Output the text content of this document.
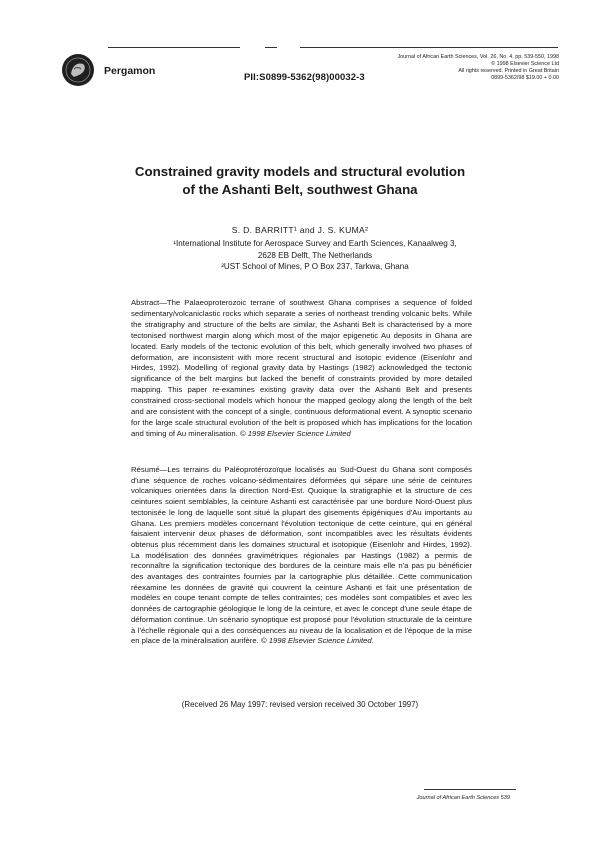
Pergamon
PII:S0899-5362(98)00032-3
Journal of African Earth Sciences, Vol. 26, No. 4, pp. 539-550, 1998
© 1998 Elsevier Science Ltd
All rights reserved. Printed in Great Britain
0899-5362/98 $19.00 + 0.00
Constrained gravity models and structural evolution
of the Ashanti Belt, southwest Ghana
S. D. BARRITT¹ and J. S. KUMA²
¹International Institute for Aerospace Survey and Earth Sciences, Kanaalweg 3,
2628 EB Delft, The Netherlands
²UST School of Mines, P O Box 237, Tarkwa, Ghana

Abstract—The Palaeoproterozoic terrane of southwest Ghana comprises a sequence of folded sedimentary/volcaniclastic rocks which separate a series of northeast trending volcanic belts. While the stratigraphy and structure of the belts are similar, the Ashanti Belt is characterised by a more tectonised northwest margin along which most of the major epigenetic Au deposits in Ghana are located. Early models of the tectonic evolution of this belt, which generally involved two phases of deformation, are inconsistent with more recent structural and isotopic evidence (Eisenlohr and Hirdes, 1992). Modelling of regional gravity data by Hastings (1982) acknowledged the tectonic significance of the belt margins but lacked the benefit of constraints provided by more detailed mapping. This paper re-examines existing gravity data over the Ashanti Belt and presents constrained cross-sectional models which honour the mapped geology along the length of the belt and are consistent with the concept of a single, continuous deformational event. A synoptic scenario for the large scale structural evolution of the belt is proposed which has implications for the location and timing of Au mineralisation. © 1998 Elsevier Science Limited

Résumé—Les terrains du Paléoprotérozoïque localisés au Sud-Ouest du Ghana sont composés d'une séquence de roches volcano-sédimentaires déformées qui sépare une série de ceintures volcaniques orientées dans la direction Nord-Est. Quoique la stratigraphie et la structure de ces ceintures soient semblables, la ceinture Ashanti est caractérisée par une bordure Nord-Ouest plus tectonisée le long de laquelle sont situé la plupart des gisements épigéniques d'Au importants au Ghana. Les premiers modèles concernant l'évolution tectonique de cette ceinture, qui en général faisaient intervenir deux phases de déformation, sont incompatibles avec les résultats évidents obtenus plus récemment dans les domaines structural et isotopique (Eisenlohr and Hirdes, 1992). La modélisation des données gravimétriques régionales par Hastings (1982) a permis de reconnaître la signification tectonique des bordures de la ceinture mais elle n'a pas pu bénéficier des avantages des contraintes fournies par la cartographie plus détaillée. Cette communication réexamine les données de gravité qui couvrent la ceinture Ashanti et fait une présentation de modèles en coupe tenant compte de telles contraintes; ces modèles sont compatibles et avec les données de cartographie géologique le long de la ceinture, et avec le concept d'une seule étape de déformation continue. Un scénario synoptique est proposé pour l'évolution structurale de la ceinture à l'échelle régionale qui a des conséquences au niveau de la localisation et de l'époque de la mise en place de la minéralisation aurifère. © 1998 Elsevier Science Limited.

(Received 26 May 1997: revised version received 30 October 1997)
Journal of African Earth Sciences 539
